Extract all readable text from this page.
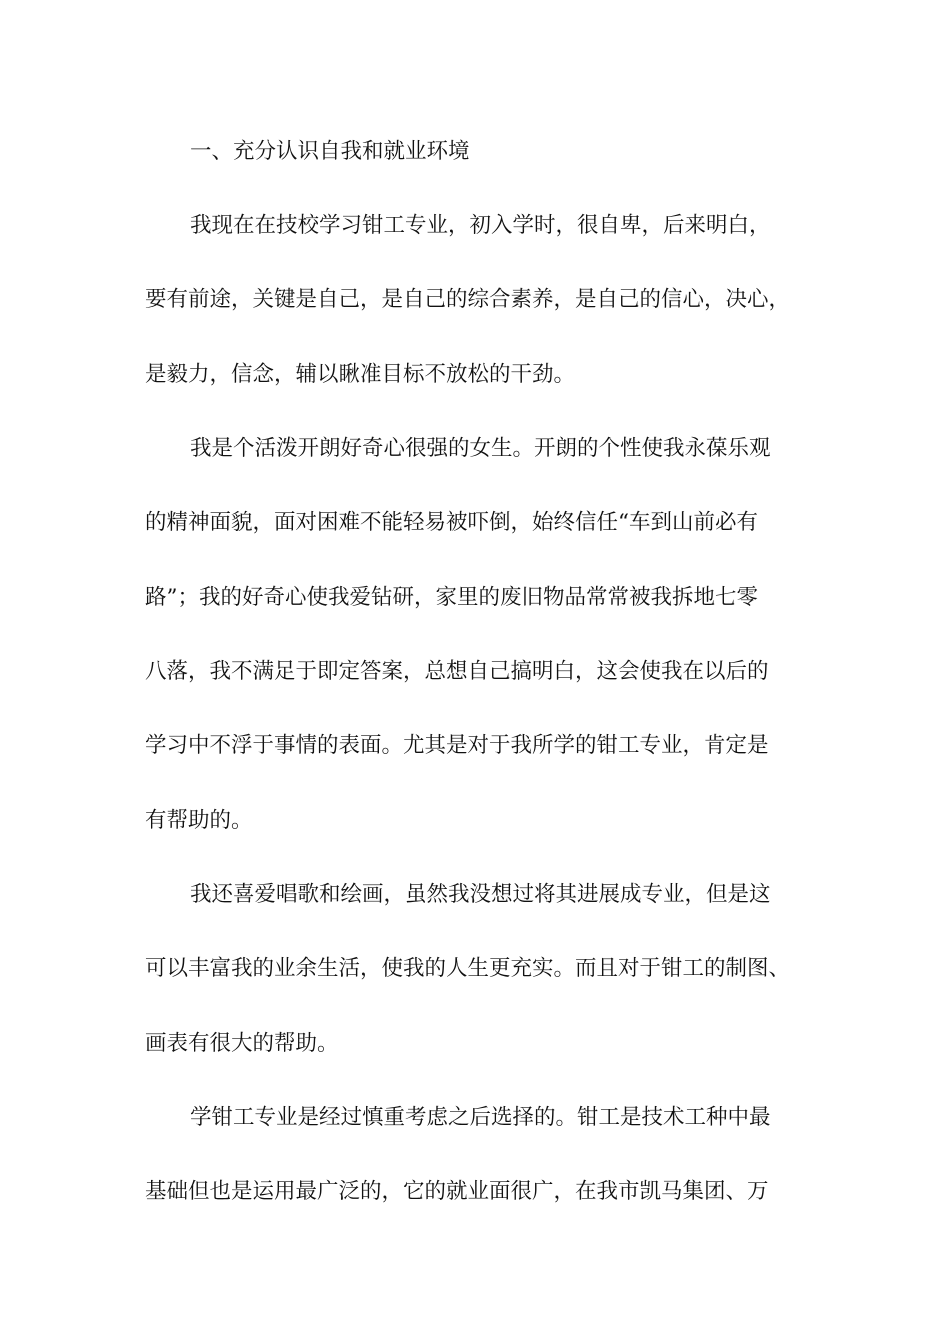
一、充分认识自我和就业环境
我现在在技校学习钳工专业，初入学时，很自卑，后来明白，
要有前途，关键是自己，是自己的综合素养，是自己的信心，决心，
是毅力，信念，辅以瞅准目标不放松的干劲。
我是个活泼开朗好奇心很强的女生。开朗的个性使我永葆乐观
的精神面貌，面对困难不能轻易被吓倒，始终信任“车到山前必有
路”；我的好奇心使我爱钻研，家里的废旧物品常常被我拆地七零
八落，我不满足于即定答案，总想自己搞明白，这会使我在以后的
学习中不浮于事情的表面。尤其是对于我所学的钳工专业，肯定是
有帮助的。
我还喜爱唱歌和绘画，虽然我没想过将其进展成专业，但是这
可以丰富我的业余生活，使我的人生更充实。而且对于钳工的制图、
画表有很大的帮助。
学钳工专业是经过慎重考虑之后选择的。钳工是技术工种中最
基础但也是运用最广泛的，它的就业面很广，在我市凯马集团、万
